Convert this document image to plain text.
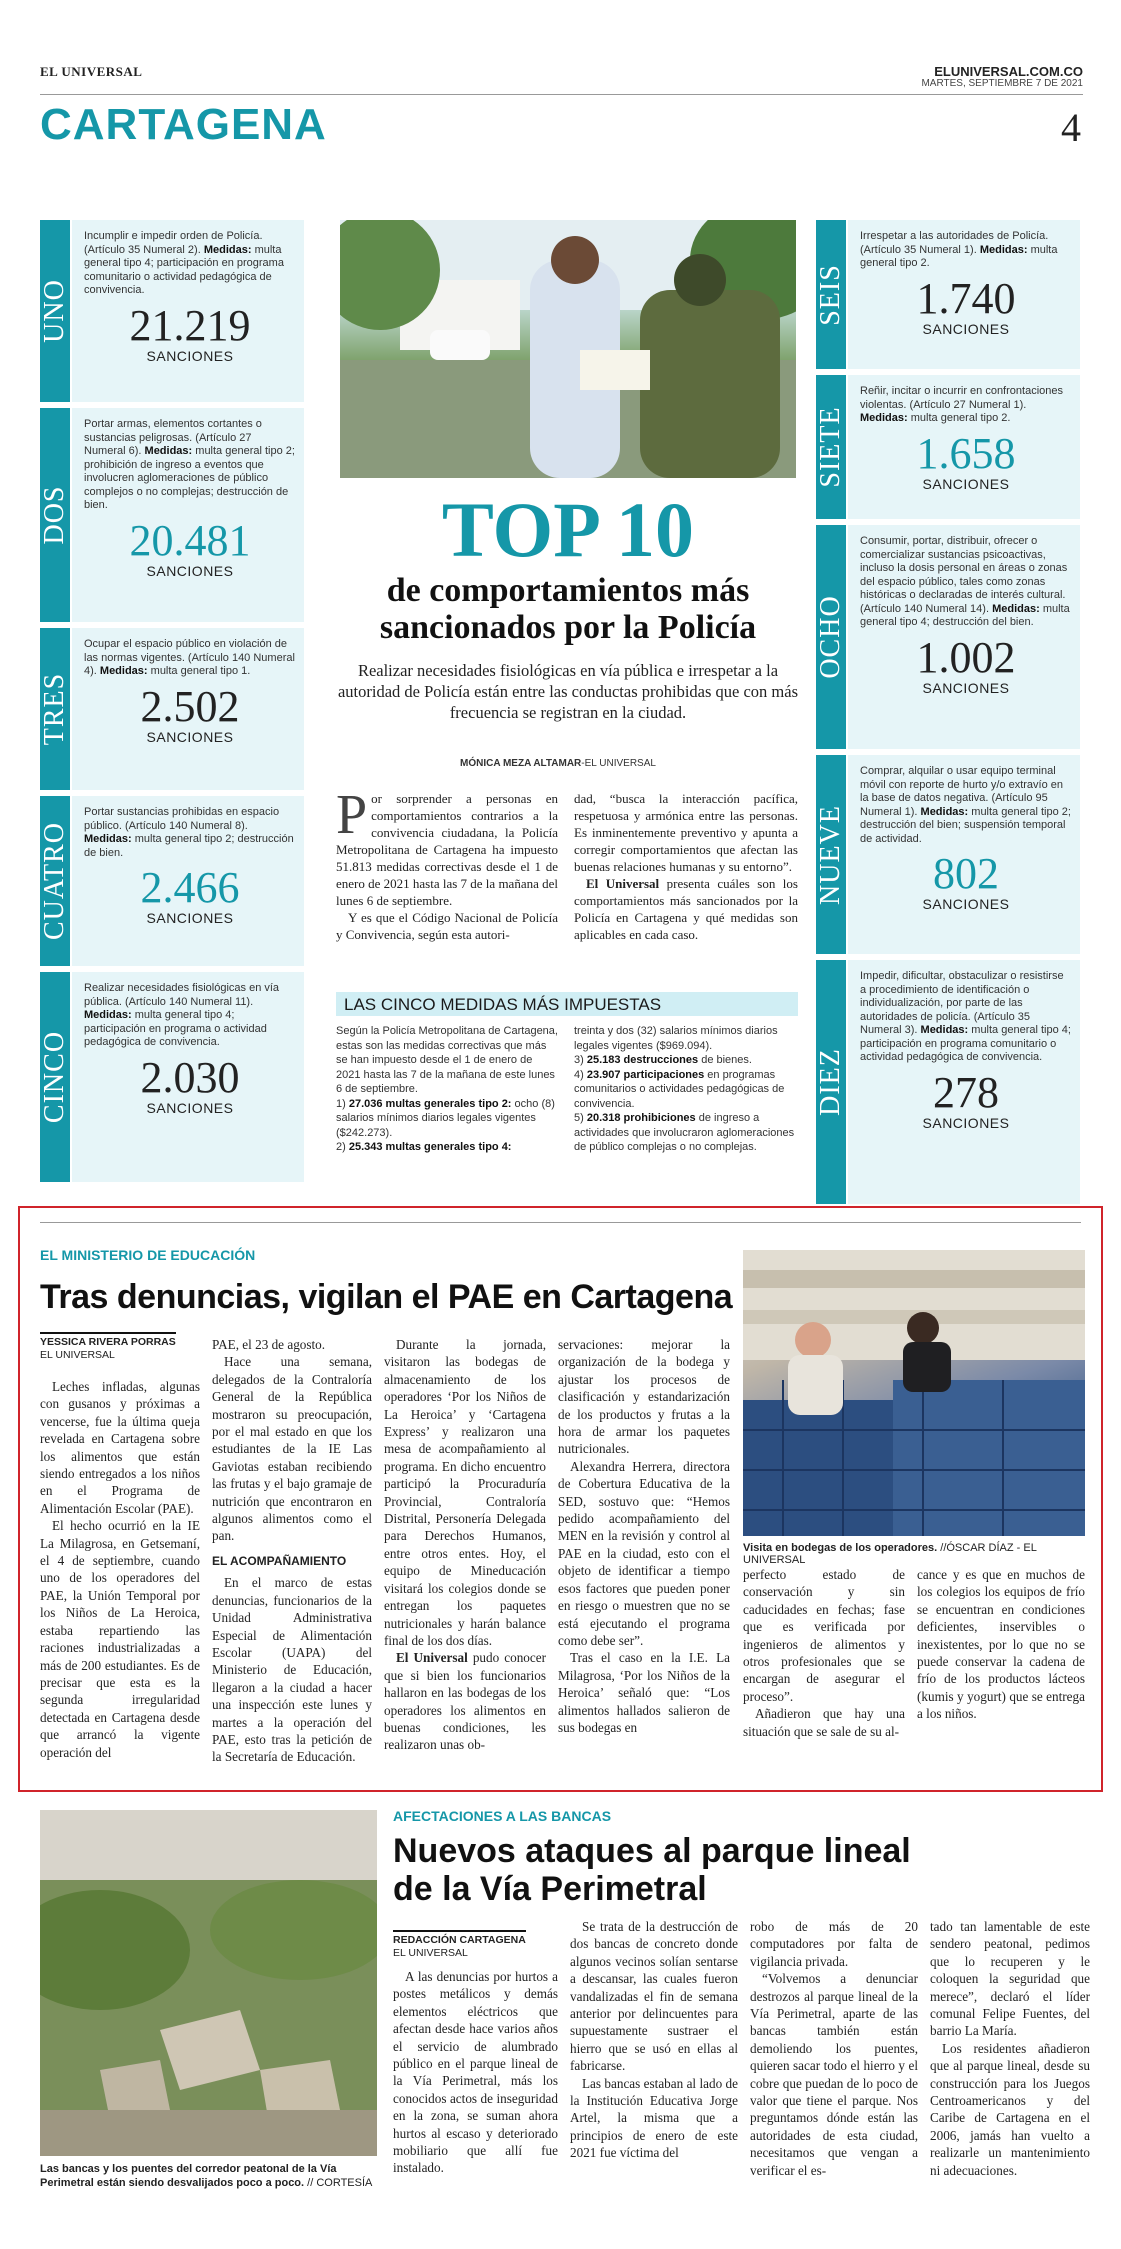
EL UNIVERSAL	ELUNIVERSAL.COM.CO
MARTES, SEPTIEMBRE 7 DE 2021
CARTAGENA	4
UNO
Incumplir e impedir orden de Policía. (Artículo 35 Numeral 2). Medidas: multa general tipo 4; participación en programa comunitario o actividad pedagógica de convivencia.
21.219
SANCIONES
DOS
Portar armas, elementos cortantes o sustancias peligrosas. (Artículo 27 Numeral 6). Medidas: multa general tipo 2; prohibición de ingreso a eventos que involucren aglomeraciones de público complejos o no complejas; destrucción de bien.
20.481
SANCIONES
TRES
Ocupar el espacio público en violación de las normas vigentes. (Artículo 140 Numeral 4). Medidas: multa general tipo 1.
2.502
SANCIONES
CUATRO
Portar sustancias prohibidas en espacio público. (Artículo 140 Numeral 8). Medidas: multa general tipo 2; destrucción de bien.
2.466
SANCIONES
CINCO
Realizar necesidades fisiológicas en vía pública. (Artículo 140 Numeral 11). Medidas: multa general tipo 4; participación en programa o actividad pedagógica de convivencia.
2.030
SANCIONES
SEIS
Irrespetar a las autoridades de Policía. (Artículo 35 Numeral 1). Medidas: multa general tipo 2.
1.740
SANCIONES
SIETE
Reñir, incitar o incurrir en confrontaciones violentas. (Artículo 27 Numeral 1). Medidas: multa general tipo 2.
1.658
SANCIONES
OCHO
Consumir, portar, distribuir, ofrecer o comercializar sustancias psicoactivas, incluso la dosis personal en áreas o zonas del espacio público, tales como zonas históricas o declaradas de interés cultural. (Artículo 140 Numeral 14). Medidas: multa general tipo 4; destrucción del bien.
1.002
SANCIONES
NUEVE
Comprar, alquilar o usar equipo terminal móvil con reporte de hurto y/o extravío en la base de datos negativa. (Artículo 95 Numeral 1). Medidas: multa general tipo 2; destrucción del bien; suspensión temporal de actividad.
802
SANCIONES
DIEZ
Impedir, dificultar, obstaculizar o resistirse a procedimiento de identificación o individualización, por parte de las autoridades de policía. (Artículo 35 Numeral 3). Medidas: multa general tipo 4; participación en programa comunitario o actividad pedagógica de convivencia.
278
SANCIONES
TOP 10
de comportamientos más sancionados por la Policía
Realizar necesidades fisiológicas en vía pública e irrespetar a la autoridad de Policía están entre las conductas prohibidas que con más frecuencia se registran en la ciudad.
MÓNICA MEZA ALTAMAR-EL UNIVERSAL
Por sorprender a personas en comportamientos contrarios a la convivencia ciudadana, la Policía Metropolitana de Cartagena ha impuesto 51.813 medidas correctivas desde el 1 de enero de 2021 hasta las 7 de la mañana del lunes 6 de septiembre.

Y es que el Código Nacional de Policía y Convivencia, según esta autori-

dad, “busca la interacción pacífica, respetuosa y armónica entre las personas. Es inminentemente preventivo y apunta a corregir comportamientos que afectan las buenas relaciones humanas y su entorno”.

El Universal presenta cuáles son los comportamientos más sancionados por la Policía en Cartagena y qué medidas son aplicables en cada caso.

LAS CINCO MEDIDAS MÁS IMPUESTAS
Según la Policía Metropolitana de Cartagena, estas son las medidas correctivas que más se han impuesto desde el 1 de enero de 2021 hasta las 7 de la mañana de este lunes 6 de septiembre.
1) 27.036 multas generales tipo 2: ocho (8) salarios mínimos diarios legales vigentes ($242.273).
2) 25.343 multas generales tipo 4:
treinta y dos (32) salarios mínimos diarios legales vigentes ($969.094).
3) 25.183 destrucciones de bienes.
4) 23.907 participaciones en programas comunitarios o actividades pedagógicas de convivencia.
5) 20.318 prohibiciones de ingreso a actividades que involucraron aglomeraciones de público complejas o no complejas.
EL MINISTERIO DE EDUCACIÓN
Tras denuncias, vigilan el PAE en Cartagena
YESSICA RIVERA PORRAS
EL UNIVERSAL

Leches infladas, algunas con gusanos y próximas a vencerse, fue la última queja revelada en Cartagena sobre los alimentos que están siendo entregados a los niños en el Programa de Alimentación Escolar (PAE).

El hecho ocurrió en la IE La Milagrosa, en Getsemaní, el 4 de septiembre, cuando uno de los operadores del PAE, la Unión Temporal por los Niños de La Heroica, estaba repartiendo las raciones industrializadas a más de 200 estudiantes. Es de precisar que esta es la segunda irregularidad detectada en Cartagena desde que arrancó la vigente operación del

PAE, el 23 de agosto.

Hace una semana, delegados de la Contraloría General de la República mostraron su preocupación, por el mal estado en que los estudiantes de la IE Las Gaviotas estaban recibiendo las frutas y el bajo gramaje de nutrición que encontraron en algunos alimentos como el pan.

EL ACOMPAÑAMIENTO

En el marco de estas denuncias, funcionarios de la Unidad Administrativa Especial de Alimentación Escolar (UAPA) del Ministerio de Educación, llegaron a la ciudad a hacer una inspección este lunes y martes a la operación del PAE, esto tras la petición de la Secretaría de Educación.

Durante la jornada, visitaron las bodegas de almacenamiento de los operadores ‘Por los Niños de La Heroica’ y ‘Cartagena Express’ y realizaron una mesa de acompañamiento al programa. En dicho encuentro participó la Procuraduría Provincial, Contraloría Distrital, Personería Delegada para Derechos Humanos, entre otros entes. Hoy, el equipo de Mineducación visitará los colegios donde se entregan los paquetes nutricionales y harán balance final de los dos días.

El Universal pudo conocer que si bien los funcionarios hallaron en las bodegas de los operadores los alimentos en buenas condiciones, les realizaron unas ob-

servaciones: mejorar la organización de la bodega y ajustar los procesos de clasificación y estandarización de los productos y frutas a la hora de armar los paquetes nutricionales.

Alexandra Herrera, directora de Cobertura Educativa de la SED, sostuvo que: “Hemos pedido acompañamiento del MEN en la revisión y control al PAE en la ciudad, esto con el objeto de identificar a tiempo esos factores que pueden poner en riesgo o muestren que no se está ejecutando el programa como debe ser”.

Tras el caso en la I.E. La Milagrosa, ‘Por los Niños de la Heroica’ señaló que: “Los alimentos hallados salieron de sus bodegas en

Visita en bodegas de los operadores. //ÓSCAR DÍAZ - EL UNIVERSAL

perfecto estado de conservación y sin caducidades en fechas; fase que es verificada por ingenieros de alimentos y otros profesionales que se encargan de asegurar el proceso”.

Añadieron que hay una situación que se sale de su al-

cance y es que en muchos de los colegios los equipos de frío se encuentran en condiciones deficientes, inservibles o inexistentes, por lo que no se puede conservar la cadena de frío de los productos lácteos (kumis y yogurt) que se entrega a los niños.

Las bancas y los puentes del corredor peatonal de la Vía Perimetral están siendo desvalijados poco a poco. // CORTESÍA
AFECTACIONES A LAS BANCAS
Nuevos ataques al parque lineal de la Vía Perimetral
REDACCIÓN CARTAGENA
EL UNIVERSAL

A las denuncias por hurtos a postes metálicos y demás elementos eléctricos que afectan desde hace varios años el servicio de alumbrado público en el parque lineal de la Vía Perimetral, más los conocidos actos de inseguridad en la zona, se suman ahora hurtos al escaso y deteriorado mobiliario que allí fue instalado.

Se trata de la destrucción de dos bancas de concreto donde algunos vecinos solían sentarse a descansar, las cuales fueron vandalizadas el fin de semana anterior por delincuentes para supuestamente sustraer el hierro que se usó en ellas al fabricarse.

Las bancas estaban al lado de la Institución Educativa Jorge Artel, la misma que a principios de enero de este 2021 fue víctima del

robo de más de 20 computadores por falta de vigilancia privada.

“Volvemos a denunciar destrozos al parque lineal de la Vía Perimetral, aparte de las bancas también están demoliendo los puentes, quieren sacar todo el hierro y el cobre que puedan de lo poco de valor que tiene el parque. Nos preguntamos dónde están las autoridades de esta ciudad, necesitamos que vengan a verificar el es-

tado tan lamentable de este sendero peatonal, pedimos que lo recuperen y le coloquen la seguridad que merece”, declaró el líder comunal Felipe Fuentes, del barrio La María.

Los residentes añadieron que al parque lineal, desde su construcción para los Juegos Centroamericanos y del Caribe de Cartagena en el 2006, jamás han vuelto a realizarle un mantenimiento ni adecuaciones.
